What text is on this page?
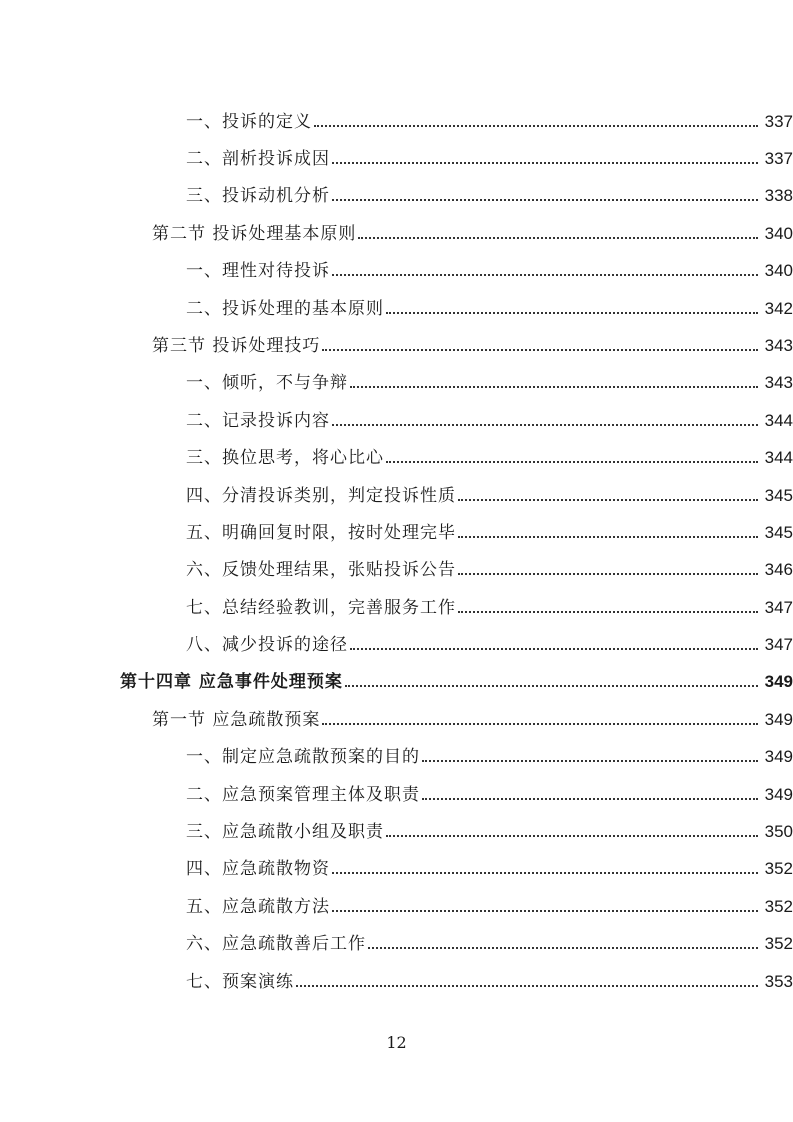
一、投诉的定义	337
二、剖析投诉成因	337
三、投诉动机分析	338
第二节 投诉处理基本原则	340
一、理性对待投诉	340
二、投诉处理的基本原则	342
第三节 投诉处理技巧	343
一、倾听，不与争辩	343
二、记录投诉内容	344
三、换位思考，将心比心	344
四、分清投诉类别，判定投诉性质	345
五、明确回复时限，按时处理完毕	345
六、反馈处理结果，张贴投诉公告	346
七、总结经验教训，完善服务工作	347
八、减少投诉的途径	347
第十四章 应急事件处理预案	349
第一节 应急疏散预案	349
一、制定应急疏散预案的目的	349
二、应急预案管理主体及职责	349
三、应急疏散小组及职责	350
四、应急疏散物资	352
五、应急疏散方法	352
六、应急疏散善后工作	352
七、预案演练	353
12
